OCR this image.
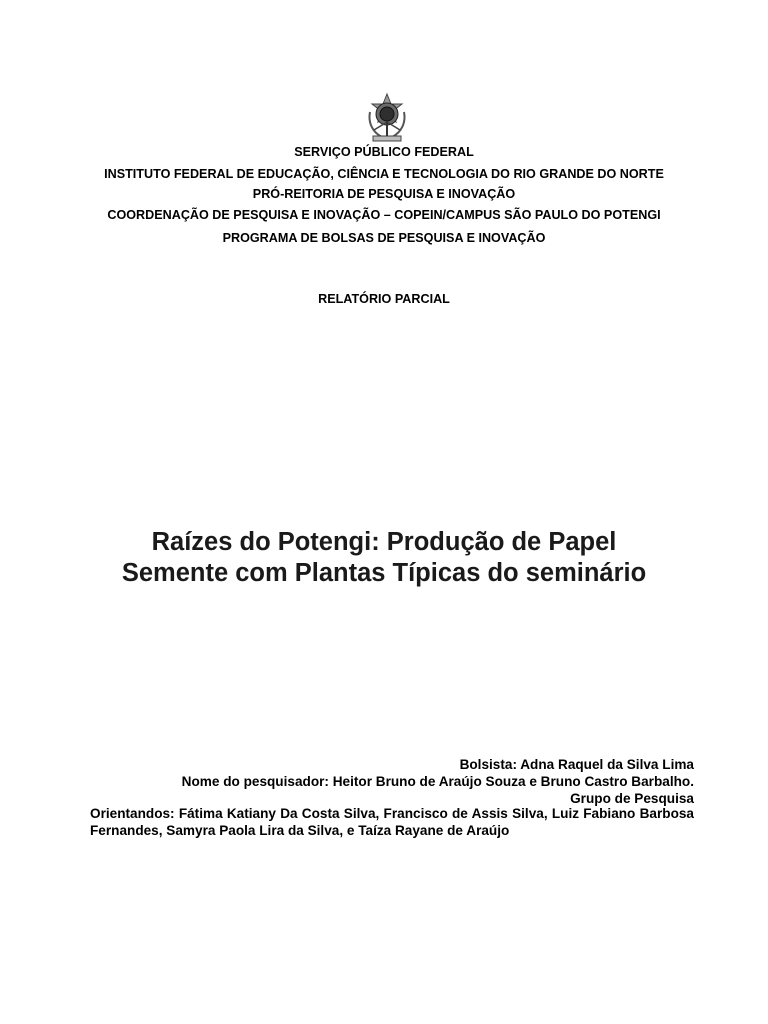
SERVIÇO PÚBLICO FEDERAL
INSTITUTO FEDERAL DE EDUCAÇÃO, CIÊNCIA E TECNOLOGIA DO RIO GRANDE DO NORTE
PRÓ-REITORIA DE PESQUISA E INOVAÇÃO
COORDENAÇÃO DE PESQUISA E INOVAÇÃO – COPEIN/CAMPUS SÃO PAULO DO POTENGI
PROGRAMA DE BOLSAS DE PESQUISA E INOVAÇÃO
RELATÓRIO PARCIAL
Raízes do Potengi: Produção de Papel
Semente com Plantas Típicas do seminário
Bolsista: Adna Raquel da Silva Lima
Nome do pesquisador: Heitor Bruno de Araújo Souza e Bruno Castro Barbalho.
Grupo de Pesquisa
Orientandos: Fátima Katiany Da Costa Silva, Francisco de Assis Silva, Luiz Fabiano Barbosa Fernandes, Samyra Paola Lira da Silva, e Taíza Rayane de Araújo
